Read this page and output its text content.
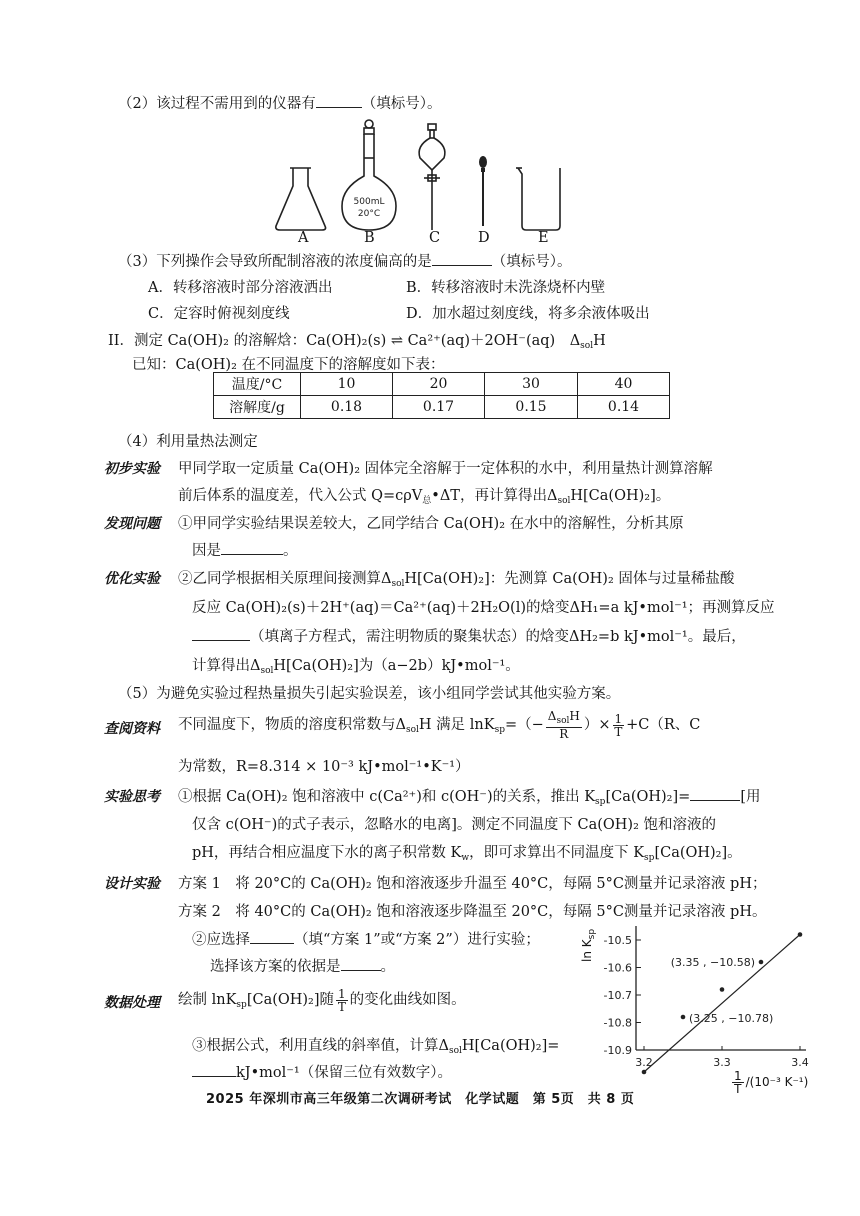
（2）该过程不需用到的仪器有	（填标号）。
500mL
20°C
A	B	C	D	E
（3）下列操作会导致所配制溶液的浓度偏高的是	（填标号）。
A．转移溶液时部分溶液洒出	B．转移溶液时未洗涤烧杯内壁
C．定容时俯视刻度线	D．加水超过刻度线，将多余液体吸出
II．测定 Ca(OH)₂ 的溶解焓：Ca(OH)₂(s) ⇌ Ca²⁺(aq)＋2OH⁻(aq)　$\Delta_{sol}H$
已知：Ca(OH)₂ 在不同温度下的溶解度如下表：
温度/°C	10	20	30	40
溶解度/g	0.18	0.17	0.15	0.14
（4）利用量热法测定
初步实验 甲同学取一定质量 Ca(OH)₂ 固体完全溶解于一定体积的水中，利用量热计测算溶解
前后体系的温度差，代入公式 Q=cρV$_总$•ΔT，再计算得出$\Delta_{sol}H[Ca(OH)_2]$。
发现问题 ①甲同学实验结果误差较大，乙同学结合 Ca(OH)₂ 在水中的溶解性，分析其原
因是	。
优化实验 ②乙同学根据相关原理间接测算$\Delta_{sol}H[Ca(OH)_2]$：先测算 Ca(OH)₂ 固体与过量稀盐酸
反应 Ca(OH)₂(s)＋2H⁺(aq)＝Ca²⁺(aq)＋2H₂O(l)的焓变ΔH₁=a kJ•mol⁻¹；再测算反应
（填离子方程式，需注明物质的聚集状态）的焓变ΔH₂=b kJ•mol⁻¹。最后，
计算得出$\Delta_{sol}H[Ca(OH)_2]$为（a−2b）kJ•mol⁻¹。
（5）为避免实验过程热量损失引起实验误差，该小组同学尝试其他实验方案。
查阅资料 不同温度下，物质的溶度积常数与$\Delta_{sol}H$ 满足 $\ln K_{sp}=(- \frac{\Delta_{sol}H}{R}$ ）× $\frac{1}{T} +C(R$、C
为常数，R=8.314 × 10⁻³ kJ•mol⁻¹•K⁻¹）
实验思考 ①根据 Ca(OH)₂ 饱和溶液中 c(Ca²⁺)和 c(OH⁻)的关系，推出 $K_{sp}[Ca(OH)_2]=$	[用
仅含 c(OH⁻)的式子表示，忽略水的电离]。测定不同温度下 Ca(OH)₂ 饱和溶液的
pH，再结合相应温度下水的离子积常数 $K_w$，即可求算出不同温度下 $K_{sp}[Ca(OH)_2]$。
设计实验 方案 1　将 20°C的 Ca(OH)₂ 饱和溶液逐步升温至 40°C，每隔 5°C测量并记录溶液 pH；
方案 2　将 40°C的 Ca(OH)₂ 饱和溶液逐步降温至 20°C，每隔 5°C测量并记录溶液 pH。
②应选择	（填“方案 1”或“方案 2”）进行实验；
选择该方案的依据是	。
数据处理 绘制 lnK$_{sp}$[Ca(OH)₂]随 $\frac{1}{T}$ 的变化曲线如图。
③根据公式，利用直线的斜率值，计算$\Delta_{sol}H[Ca(OH)_2]=$
kJ•mol⁻¹（保留三位有效数字）。
-10.5
-10.6
-10.7
-10.8
-10.9
3.2	3.3	3.4
(3.35 , −10.58)
(3.25 , −10.78)
$\ln K_{sp}$
$\frac{1}{T} /(10^{-3}$ K⁻¹)
2025 年深圳市高三年级第二次调研考试　化学试题　第 5页　共 8 页
